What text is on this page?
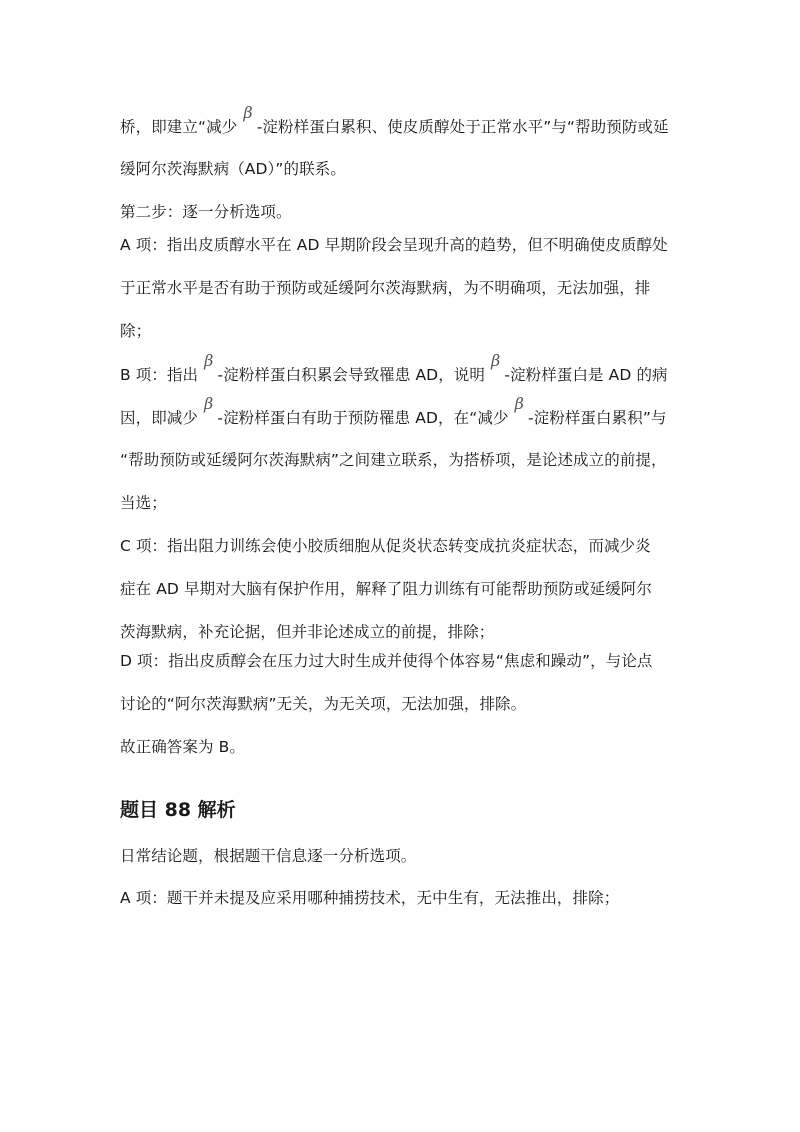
桥，即建立“减少β-淀粉样蛋白累积、使皮质醇处于正常水平”与“帮助预防或延
缓阿尔茨海默病（AD）”的联系。
第二步：逐一分析选项。
A 项：指出皮质醇水平在 AD 早期阶段会呈现升高的趋势，但不明确使皮质醇处
于正常水平是否有助于预防或延缓阿尔茨海默病，为不明确项，无法加强，排
除；
B 项：指出β-淀粉样蛋白积累会导致罹患 AD，说明β-淀粉样蛋白是 AD 的病
因，即减少β-淀粉样蛋白有助于预防罹患 AD，在“减少β-淀粉样蛋白累积”与
“帮助预防或延缓阿尔茨海默病”之间建立联系，为搭桥项，是论述成立的前提，
当选；
C 项：指出阻力训练会使小胶质细胞从促炎状态转变成抗炎症状态，而减少炎
症在 AD 早期对大脑有保护作用，解释了阻力训练有可能帮助预防或延缓阿尔
茨海默病，补充论据，但并非论述成立的前提，排除；
D 项：指出皮质醇会在压力过大时生成并使得个体容易“焦虑和躁动”，与论点
讨论的“阿尔茨海默病”无关，为无关项，无法加强，排除。
故正确答案为 B。
题目 88 解析
日常结论题，根据题干信息逐一分析选项。
A 项：题干并未提及应采用哪种捕捞技术，无中生有，无法推出，排除；
